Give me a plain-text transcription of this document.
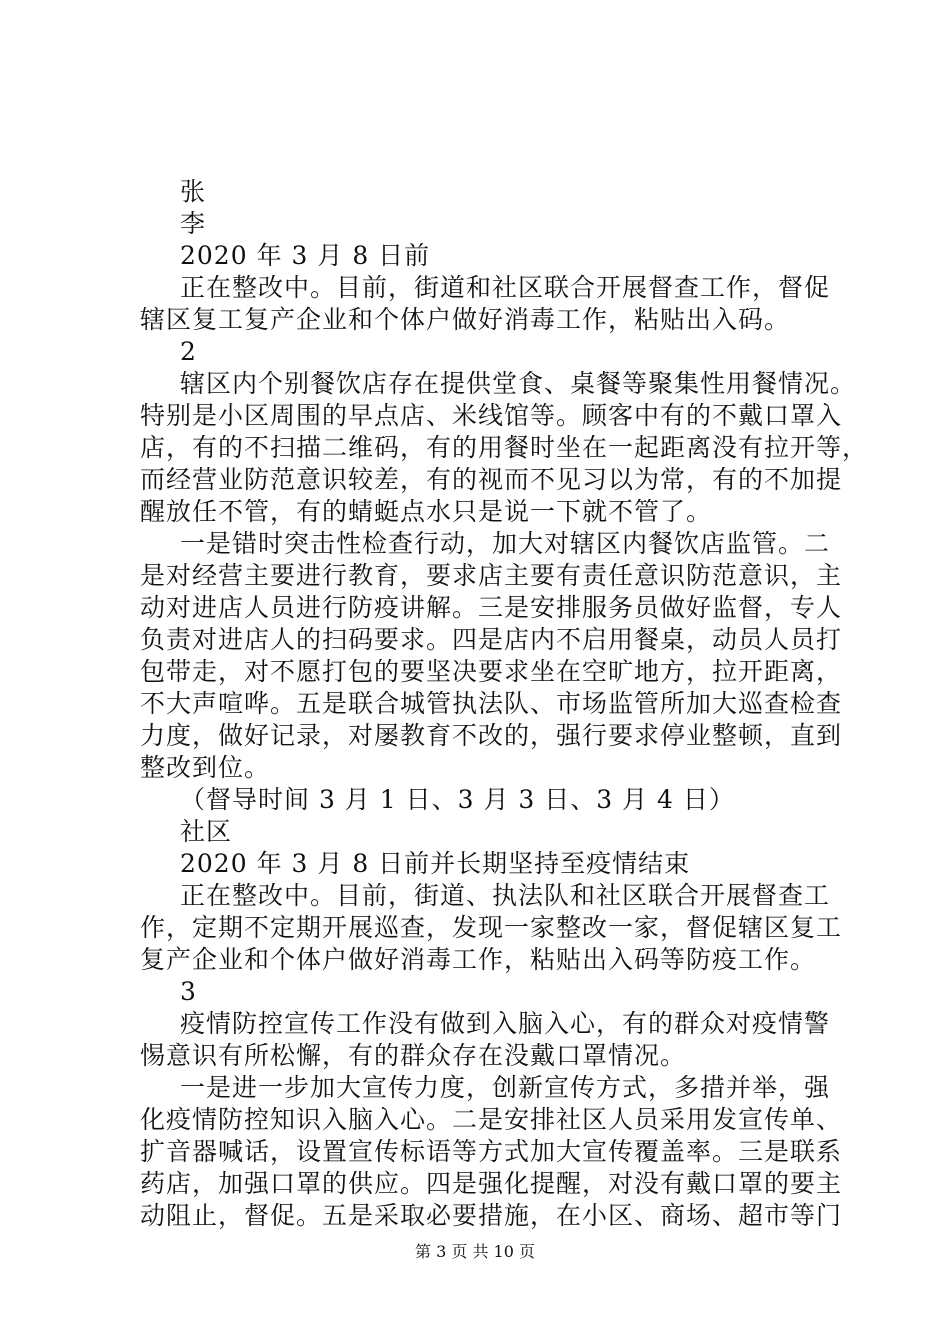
张
李
2020 年 3 月 8 日前
正在整改中。目前，街道和社区联合开展督查工作，督促
辖区复工复产企业和个体户做好消毒工作，粘贴出入码。
2
辖区内个别餐饮店存在提供堂食、桌餐等聚集性用餐情况。
特别是小区周围的早点店、米线馆等。顾客中有的不戴口罩入
店，有的不扫描二维码，有的用餐时坐在一起距离没有拉开等，
而经营业防范意识较差，有的视而不见习以为常，有的不加提
醒放任不管，有的蜻蜓点水只是说一下就不管了。
一是错时突击性检查行动，加大对辖区内餐饮店监管。二
是对经营主要进行教育，要求店主要有责任意识防范意识，主
动对进店人员进行防疫讲解。三是安排服务员做好监督，专人
负责对进店人的扫码要求。四是店内不启用餐桌，动员人员打
包带走，对不愿打包的要坚决要求坐在空旷地方，拉开距离，
不大声喧哗。五是联合城管执法队、市场监管所加大巡查检查
力度，做好记录，对屡教育不改的，强行要求停业整顿，直到
整改到位。
（督导时间 3 月 1 日、3 月 3 日、3 月 4 日）
社区
2020 年 3 月 8 日前并长期坚持至疫情结束
正在整改中。目前，街道、执法队和社区联合开展督查工
作，定期不定期开展巡查，发现一家整改一家，督促辖区复工
复产企业和个体户做好消毒工作，粘贴出入码等防疫工作。
3
疫情防控宣传工作没有做到入脑入心，有的群众对疫情警
惕意识有所松懈，有的群众存在没戴口罩情况。
一是进一步加大宣传力度，创新宣传方式，多措并举，强
化疫情防控知识入脑入心。二是安排社区人员采用发宣传单、
扩音器喊话，设置宣传标语等方式加大宣传覆盖率。三是联系
药店，加强口罩的供应。四是强化提醒，对没有戴口罩的要主
动阻止，督促。五是采取必要措施，在小区、商场、超市等门
第 3 页 共 10 页
